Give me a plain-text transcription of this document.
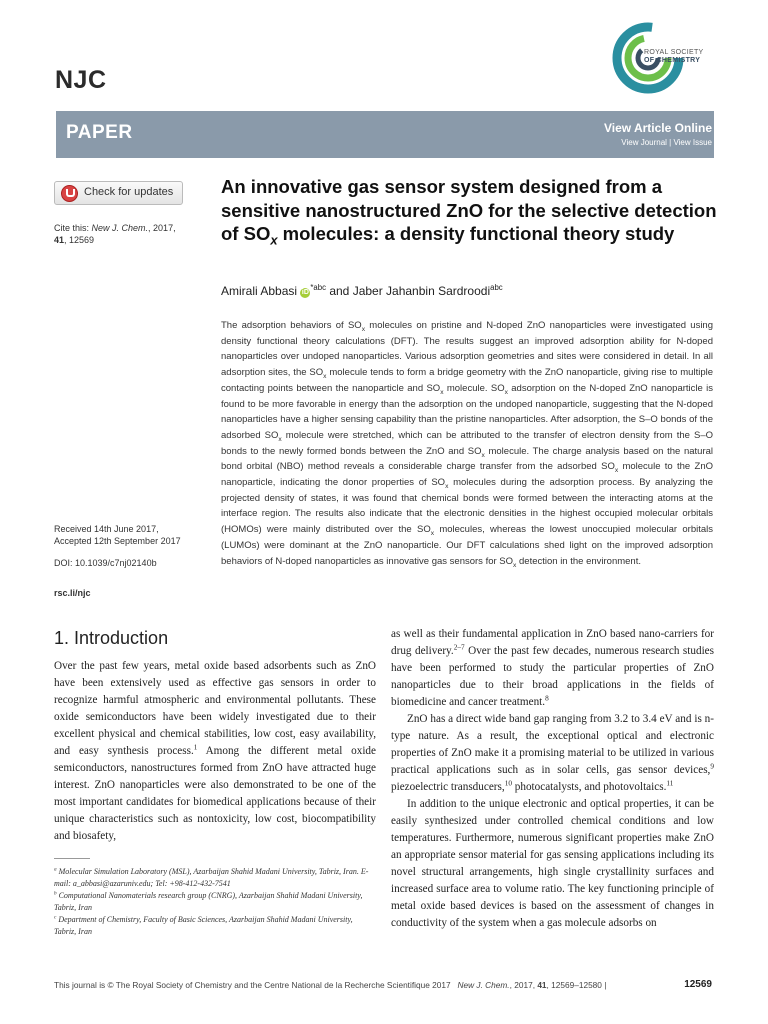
NJC
ROYAL SOCIETY
OF CHEMISTRY
PAPER	View Article Online
View Journal | View Issue
Check for updates
Cite this: New J. Chem., 2017,
41, 12569
Received 14th June 2017,
Accepted 12th September 2017
DOI: 10.1039/c7nj02140b
rsc.li/njc
An innovative gas sensor system designed from a sensitive nanostructured ZnO for the selective detection of $SO_x$ molecules: a density functional theory study
Amirali Abbasi $iD^{*abc}$ and Jaber Jahanbin Sardroodi$^{abc}$
The adsorption behaviors of $SO_x$ molecules on pristine and N-doped ZnO nanoparticles were investigated using density functional theory calculations (DFT). The results suggest an improved adsorption ability for N-doped nanoparticles over undoped nanoparticles. Various adsorption geometries and sites were considered in detail. In all adsorption sites, the $SO_x$ molecule tends to form a bridge geometry with the ZnO nanoparticle, giving rise to multiple contacting points between the nanoparticle and $SO_x$ molecule. $SO_x$ adsorption on the N-doped ZnO nanoparticle is found to be more favorable in energy than the adsorption on the undoped nanoparticle, suggesting that the N-doped nanoparticles have a higher sensing capability than the pristine nanoparticles. After adsorption, the S–O bonds of the adsorbed $SO_x$ molecule were stretched, which can be attributed to the transfer of electron density from the S–O bonds to the newly formed bonds between the ZnO and $SO_x$ molecule. The charge analysis based on the natural bond orbital (NBO) method reveals a considerable charge transfer from the adsorbed $SO_x$ molecule to the ZnO nanoparticle, indicating the donor properties of $SO_x$ molecules during the adsorption process. By analyzing the projected density of states, it was found that chemical bonds were formed between the interacting atoms at the interface region. The results also indicate that the electronic densities in the highest occupied molecular orbitals (HOMOs) were mainly distributed over the $SO_x$ molecules, whereas the lowest unoccupied molecular orbitals (LUMOs) were dominant at the ZnO nanoparticle. Our DFT calculations shed light on the improved adsorption behaviors of N-doped nanoparticles as innovative gas sensors for $SO_x$ detection in the environment.
1. Introduction

Over the past few years, metal oxide based adsorbents such as ZnO have been extensively used as effective gas sensors in order to recognize harmful atmospheric and environmental pollutants. These oxide semiconductors have been widely investigated due to their excellent physical and chemical stabilities, low cost, easy availability, and easy synthesis process.$^1$ Among the different metal oxide semiconductors, nanostructures formed from ZnO have attracted huge interest. ZnO nanoparticles were also demonstrated to be one of the most important candidates for biomedical applications because of their unique characteristics such as nontoxicity, low cost, biocompatibility and biosafety,

as well as their fundamental application in ZnO based nano-carriers for drug delivery.$^{2-7}$ Over the past few decades, numerous research studies have been performed to study the particular properties of ZnO nanoparticles due to their broad applications in the fields of biomedicine and cancer treatment.$^8$

ZnO has a direct wide band gap ranging from 3.2 to 3.4 eV and is n-type nature. As a result, the exceptional optical and electronic properties of ZnO make it a promising material to be utilized in various practical applications such as in solar cells, gas sensor devices,$^9$ piezoelectric transducers,$^{10}$ photocatalysts, and photovoltaics.$^{11}$

In addition to the unique electronic and optical properties, it can be easily synthesized under controlled chemical conditions and low temperatures. Furthermore, numerous significant properties make ZnO an appropriate sensor material for gas sensing applications including its novel structural arrangements, high single crystallinity surfaces and increased surface area to volume ratio. The key functioning principle of metal oxide based devices is based on the assessment of changes in conductivity of the system when a gas molecule adsorbs on

$^a$ Molecular Simulation Laboratory (MSL), Azarbaijan Shahid Madani University, Tabriz, Iran. E-mail: a_abbasi@azaruniv.edu; Tel: +98-412-432-7541
$^b$ Computational Nanomaterials research group (CNRG), Azarbaijan Shahid Madani University, Tabriz, Iran
$^c$ Department of Chemistry, Faculty of Basic Sciences, Azarbaijan Shahid Madani University, Tabriz, Iran
This journal is © The Royal Society of Chemistry and the Centre National de la Recherche Scientifique 2017 New J. Chem., 2017, 41, 12569–12580 |	12569
